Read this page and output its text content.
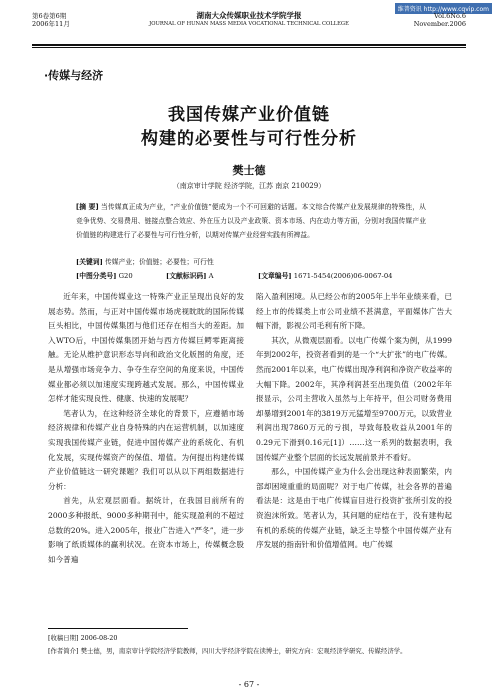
维普资讯 http://www.cqvip.com
第6卷第6期
2006年11月
湖南大众传媒职业技术学院学报
JOURNAL OF HUNAN MASS MEDIA VOCATIONAL TECHNICAL COLLEGE
Vol.6No.6
November.2006
·传媒与经济
我国传媒产业价值链
构建的必要性与可行性分析
樊士德
（南京审计学院 经济学院，江苏 南京 210029）
[摘 要] 当传媒真正成为产业，“产业价值链”便成为一个不可回避的话题。本文综合传媒产业发展规律的特殊性，从竞争优势、交易费用、链接点整合效应、外在压力以及产业政策、资本市场、内在动力等方面，分别对我国传媒产业价值链的构建进行了必要性与可行性分析，以期对传媒产业经营实践有所裨益。
[关键词] 传媒产业；价值链；必要性；可行性
[中图分类号] G20	[文献标识码] A	[文章编号] 1671-5454(2006)06-0067-04

近年来，中国传媒业这一特殊产业正呈现出良好的发展态势。然而，与正对中国传媒市场虎视眈眈的国际传媒巨头相比，中国传媒集团与他们还存在相当大的差距。加入WTO后，中国传媒集团开始与西方传媒巨鳄零距离接触。无论从维护意识形态导向和政治文化版图的角度，还是从增强市场竞争力、争夺生存空间的角度来说，中国传媒业都必须以加速度实现跨越式发展。那么，中国传媒业怎样才能实现良性、健康、快速的发展呢？

笔者认为，在这种经济全球化的背景下，应遵循市场经济规律和传媒产业自身特殊的内在运营机制，以加速度实现我国传媒产业链，促进中国传媒产业的系统化、有机化发展，实现传媒资产的保值、增值。为何提出构建传媒产业价值链这一研究课题？我们可以从以下两组数据进行分析：

首先，从宏观层面看。据统计，在我国目前所有的2000多种报纸、9000多种期刊中，能实现盈利的不超过总数的20%。进入2005年，报业广告进入“严冬”，进一步影响了纸质媒体的赢利状况。在资本市场上，传媒概念股如今普遍

陷入盈利困境。从已经公布的2005年上半年业绩来看，已经上市的传媒类上市公司业绩不甚满意，平面媒体广告大幅下滑，影视公司毛利有所下降。

其次，从微观层面看。以电广传媒个案为例，从1999年到2002年，投资者看到的是一个“大扩张”的电广传媒。然而2001年以来，电广传媒出现净利润和净资产收益率的大幅下降。2002年，其净利润甚至出现负值（2002年年报显示，公司主营收入虽然与上年持平，但公司财务费用却暴增到2001年的3819万元猛增至9700万元，以致营业利润出现7860万元的亏损，导致每股收益从2001年的0.29元下滑到0.16元[1]）……这一系列的数据表明，我国传媒产业整个层面的长远发展前景并不看好。

那么，中国传媒产业为什么会出现这种表面繁荣，内部却困境重重的局面呢？对于电广传媒，社会各界的普遍看法是：这是由于电广传媒盲目进行投资扩张所引发的投资泡沫所致。笔者认为，其问题的症结在于，没有建构起有机的系统的传媒产业链，缺乏主导整个中国传媒产业有序发展的指南针和价值增值网。电广传媒

[收稿日期] 2006-08-20
[作者简介] 樊士德，男，南京审计学院经济学院教师，四川大学经济学院在读博士，研究方向：宏观经济学研究、传媒经济学。
- 67 -
